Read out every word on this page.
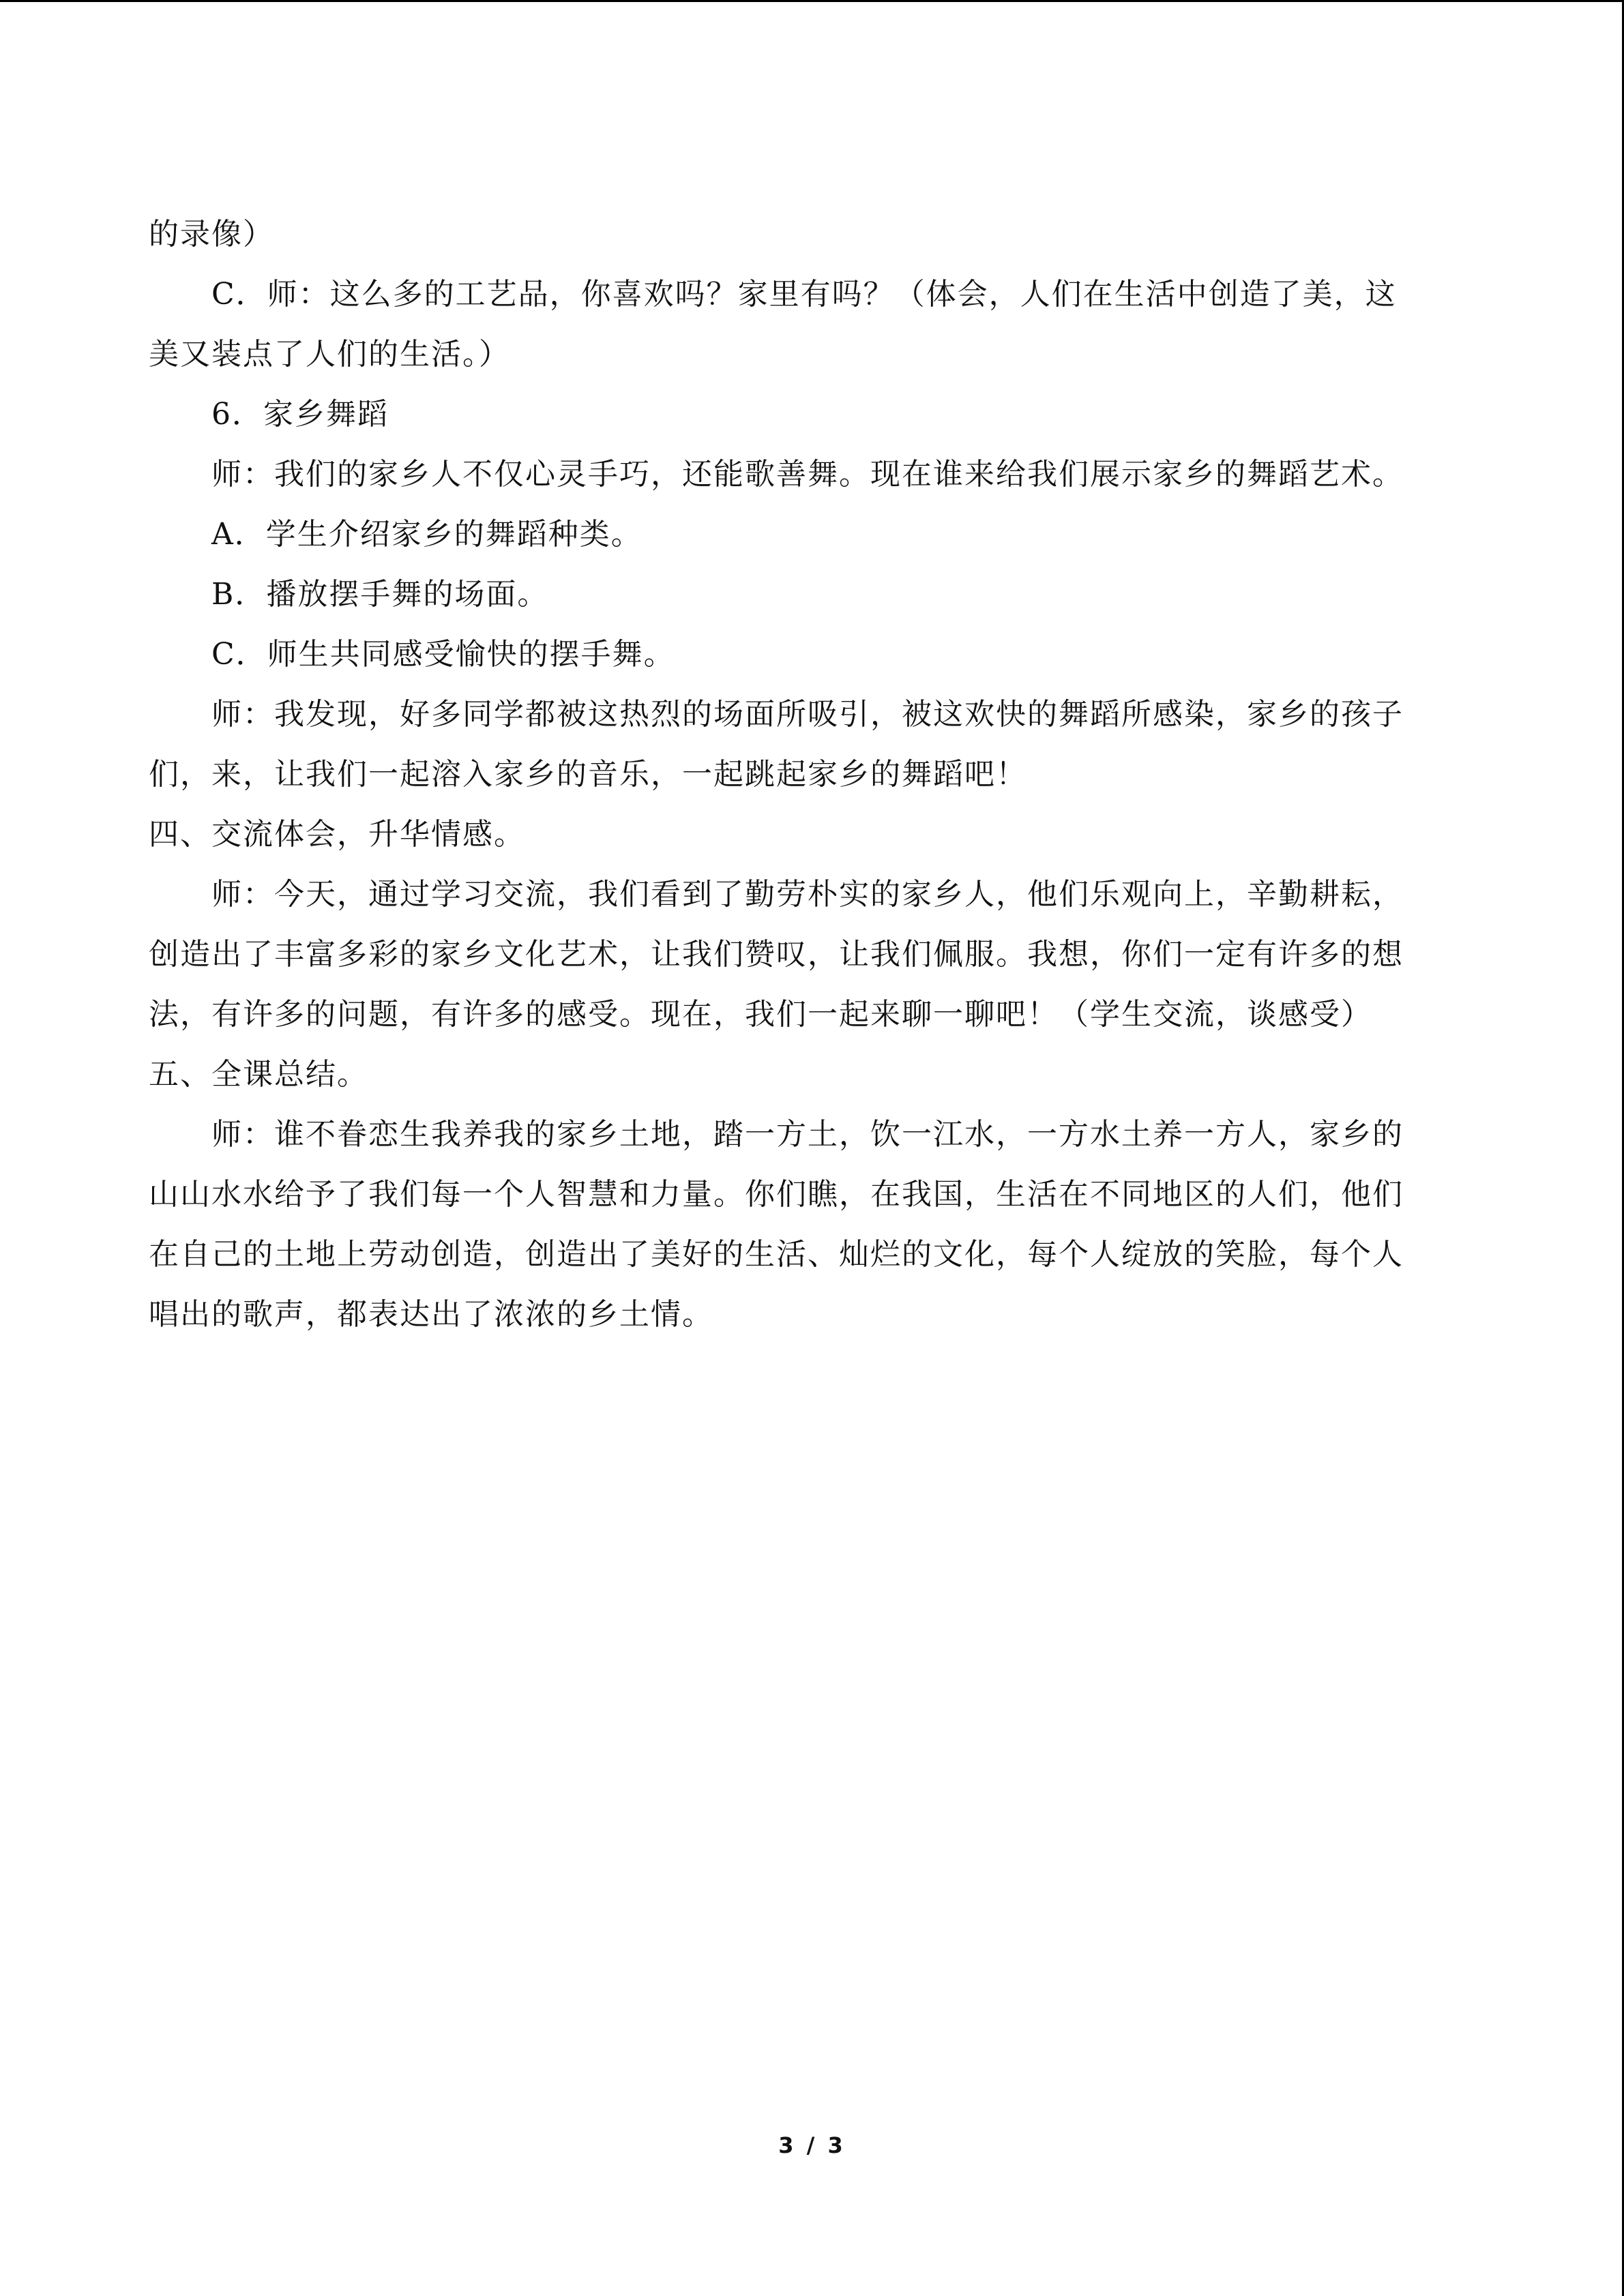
的录像）
C．师：这么多的工艺品，你喜欢吗？家里有吗？（体会，人们在生活中创造了美，这
美又装点了人们的生活。）
6．家乡舞蹈
师：我们的家乡人不仅心灵手巧，还能歌善舞。现在谁来给我们展示家乡的舞蹈艺术。
A．学生介绍家乡的舞蹈种类。
B．播放摆手舞的场面。
C．师生共同感受愉快的摆手舞。
师：我发现，好多同学都被这热烈的场面所吸引，被这欢快的舞蹈所感染，家乡的孩子
们，来，让我们一起溶入家乡的音乐，一起跳起家乡的舞蹈吧！
四、交流体会，升华情感。
师：今天，通过学习交流，我们看到了勤劳朴实的家乡人，他们乐观向上，辛勤耕耘，
创造出了丰富多彩的家乡文化艺术，让我们赞叹，让我们佩服。我想，你们一定有许多的想
法，有许多的问题，有许多的感受。现在，我们一起来聊一聊吧！（学生交流，谈感受）
五、全课总结。
师：谁不眷恋生我养我的家乡土地，踏一方土，饮一江水，一方水土养一方人，家乡的
山山水水给予了我们每一个人智慧和力量。你们瞧，在我国，生活在不同地区的人们，他们
在自己的土地上劳动创造，创造出了美好的生活、灿烂的文化，每个人绽放的笑脸，每个人
唱出的歌声，都表达出了浓浓的乡土情。
3 / 3
